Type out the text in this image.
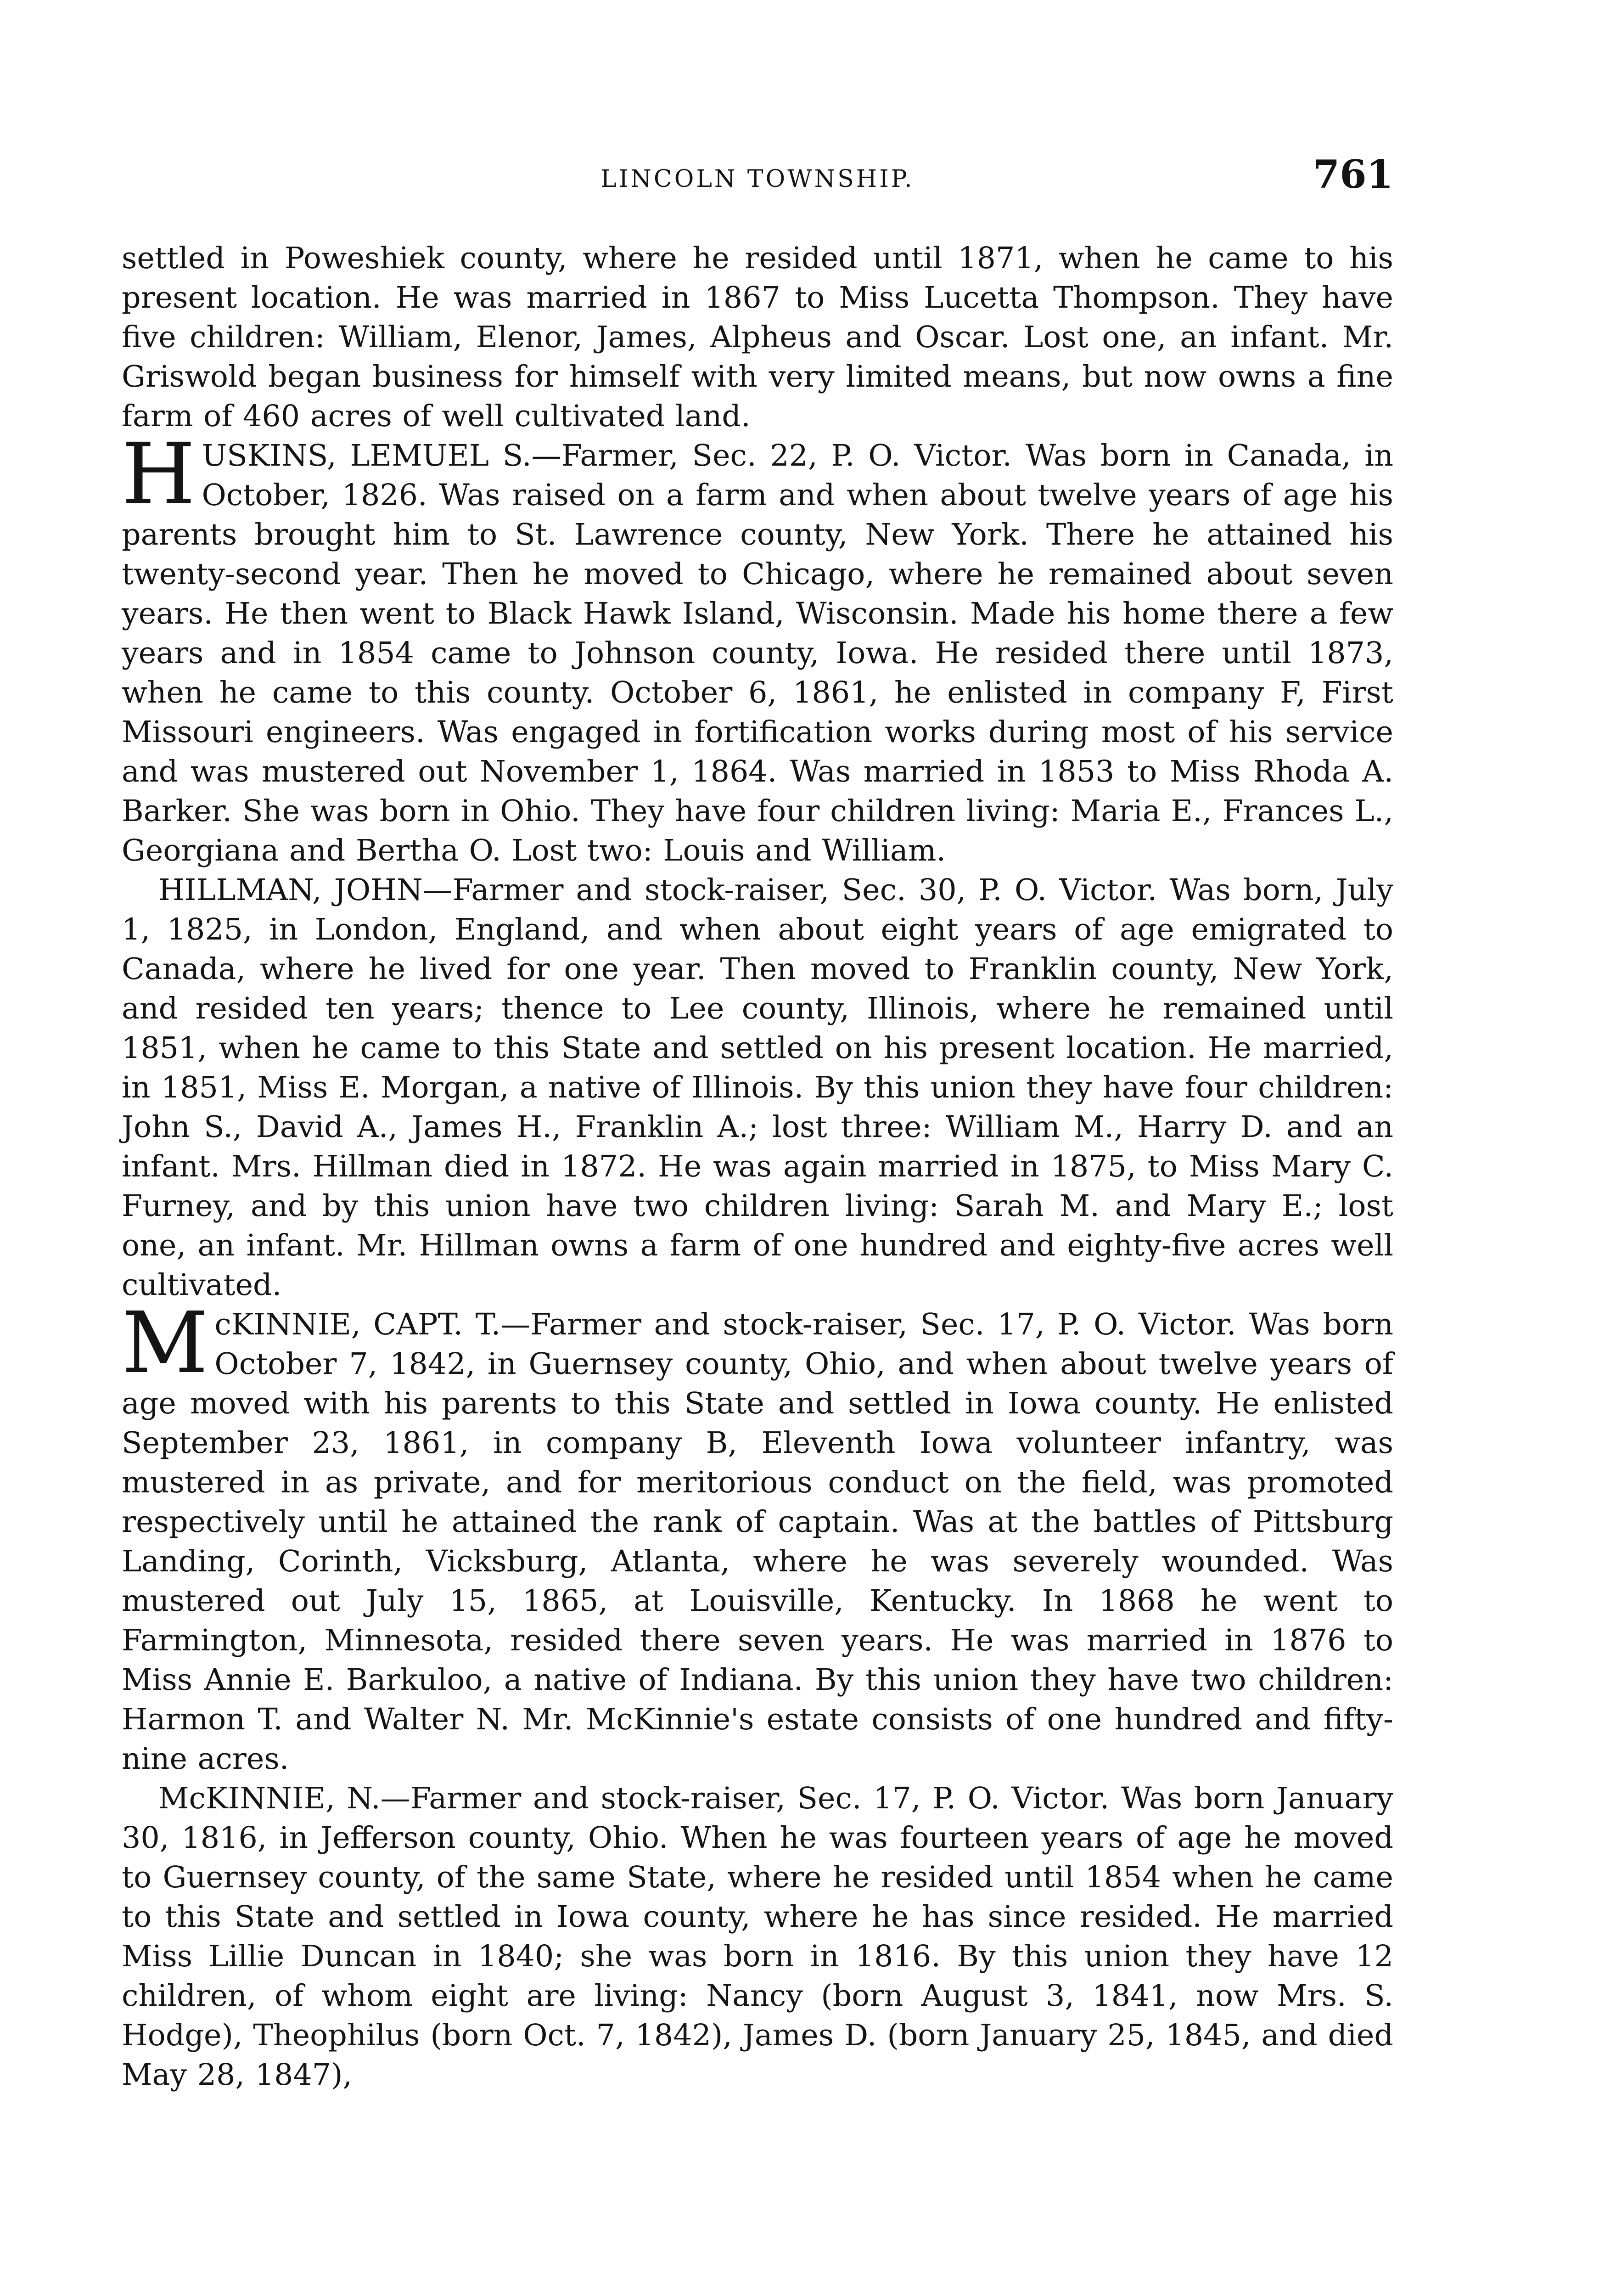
LINCOLN TOWNSHIP.	761

settled in Poweshiek county, where he resided until 1871, when he came to his present location. He was married in 1867 to Miss Lucetta Thompson. They have five children: William, Elenor, James, Alpheus and Oscar. Lost one, an infant. Mr. Griswold began business for himself with very limited means, but now owns a fine farm of 460 acres of well cultivated land.

HUSKINS, LEMUEL S.—Farmer, Sec. 22, P. O. Victor. Was born in Canada, in October, 1826. Was raised on a farm and when about twelve years of age his parents brought him to St. Lawrence county, New York. There he attained his twenty-second year. Then he moved to Chicago, where he remained about seven years. He then went to Black Hawk Island, Wisconsin. Made his home there a few years and in 1854 came to Johnson county, Iowa. He resided there until 1873, when he came to this county. October 6, 1861, he enlisted in company F, First Missouri engineers. Was engaged in fortification works during most of his service and was mustered out November 1, 1864. Was married in 1853 to Miss Rhoda A. Barker. She was born in Ohio. They have four children living: Maria E., Frances L., Georgiana and Bertha O. Lost two: Louis and William.

HILLMAN, JOHN—Farmer and stock-raiser, Sec. 30, P. O. Victor. Was born, July 1, 1825, in London, England, and when about eight years of age emigrated to Canada, where he lived for one year. Then moved to Franklin county, New York, and resided ten years; thence to Lee county, Illinois, where he remained until 1851, when he came to this State and settled on his present location. He married, in 1851, Miss E. Morgan, a native of Illinois. By this union they have four children: John S., David A., James H., Franklin A.; lost three: William M., Harry D. and an infant. Mrs. Hillman died in 1872. He was again married in 1875, to Miss Mary C. Furney, and by this union have two children living: Sarah M. and Mary E.; lost one, an infant. Mr. Hillman owns a farm of one hundred and eighty-five acres well cultivated.

McKINNIE, CAPT. T.—Farmer and stock-raiser, Sec. 17, P. O. Victor. Was born October 7, 1842, in Guernsey county, Ohio, and when about twelve years of age moved with his parents to this State and settled in Iowa county. He enlisted September 23, 1861, in company B, Eleventh Iowa volunteer infantry, was mustered in as private, and for meritorious conduct on the field, was promoted respectively until he attained the rank of captain. Was at the battles of Pittsburg Landing, Corinth, Vicksburg, Atlanta, where he was severely wounded. Was mustered out July 15, 1865, at Louisville, Kentucky. In 1868 he went to Farmington, Minnesota, resided there seven years. He was married in 1876 to Miss Annie E. Barkuloo, a native of Indiana. By this union they have two children: Harmon T. and Walter N. Mr. McKinnie's estate consists of one hundred and fifty-nine acres.

McKINNIE, N.—Farmer and stock-raiser, Sec. 17, P. O. Victor. Was born January 30, 1816, in Jefferson county, Ohio. When he was fourteen years of age he moved to Guernsey county, of the same State, where he resided until 1854 when he came to this State and settled in Iowa county, where he has since resided. He married Miss Lillie Duncan in 1840; she was born in 1816. By this union they have 12 children, of whom eight are living: Nancy (born August 3, 1841, now Mrs. S. Hodge), Theophilus (born Oct. 7, 1842), James D. (born January 25, 1845, and died May 28, 1847),
